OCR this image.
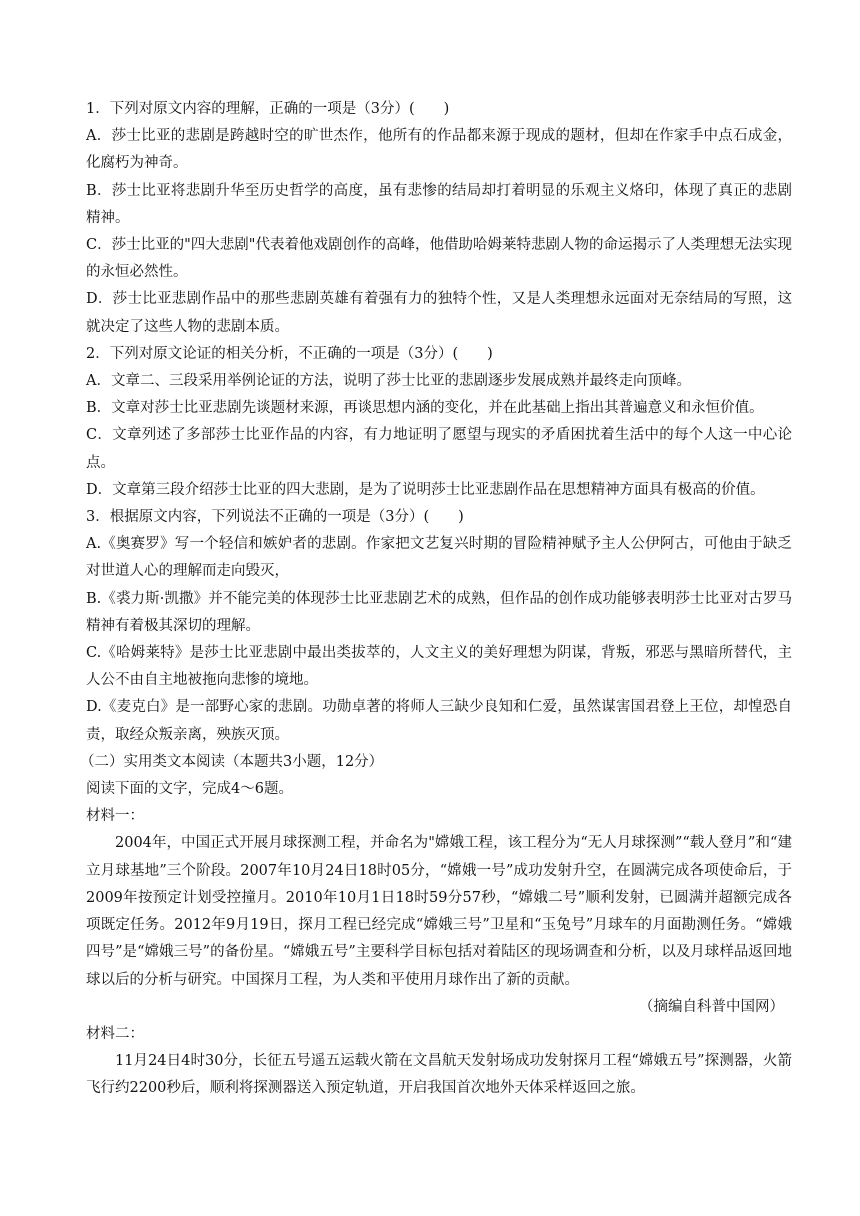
1．下列对原文内容的理解，正确的一项是（3分）(　　)

A．莎士比亚的悲剧是跨越时空的旷世杰作，他所有的作品都来源于现成的题材，但却在作家手中点石成金，化腐朽为神奇。

B．莎士比亚将悲剧升华至历史哲学的高度，虽有悲惨的结局却打着明显的乐观主义烙印，体现了真正的悲剧精神。

C．莎士比亚的"四大悲剧"代表着他戏剧创作的高峰，他借助哈姆莱特悲剧人物的命运揭示了人类理想无法实现的永恒必然性。

D．莎士比亚悲剧作品中的那些悲剧英雄有着强有力的独特个性，又是人类理想永远面对无奈结局的写照，这就决定了这些人物的悲剧本质。

2．下列对原文论证的相关分析，不正确的一项是（3分）(　　)

A．文章二、三段采用举例论证的方法，说明了莎士比亚的悲剧逐步发展成熟并最终走向顶峰。

B．文章对莎士比亚悲剧先谈题材来源，再谈思想内涵的变化，并在此基础上指出其普遍意义和永恒价值。

C．文章列述了多部莎士比亚作品的内容，有力地证明了愿望与现实的矛盾困扰着生活中的每个人这一中心论点。

D．文章第三段介绍莎士比亚的四大悲剧，是为了说明莎士比亚悲剧作品在思想精神方面具有极高的价值。

3．根据原文内容，下列说法不正确的一项是（3分）(　　)

A.《奥赛罗》写一个轻信和嫉妒者的悲剧。作家把文艺复兴时期的冒险精神赋予主人公伊阿古，可他由于缺乏对世道人心的理解而走向毁灭，

B.《裘力斯·凯撒》并不能完美的体现莎士比亚悲剧艺术的成熟，但作品的创作成功能够表明莎士比亚对古罗马精神有着极其深切的理解。

C.《哈姆莱特》是莎士比亚悲剧中最出类拔萃的，人文主义的美好理想为阴谋，背叛，邪恶与黑暗所替代，主人公不由自主地被拖向悲惨的境地。

D.《麦克白》是一部野心家的悲剧。功勋卓著的将师人三缺少良知和仁爱，虽然谋害国君登上王位，却惶恐自责，取经众叛亲离，殃族灭顶。

（二）实用类文本阅读（本题共3小题，12分）

阅读下面的文字，完成4～6题。

材料一：

2004年，中国正式开展月球探测工程，并命名为"嫦娥工程，该工程分为“无人月球探测”“载人登月”和“建立月球基地”三个阶段。2007年10月24日18时05分，“嫦娥一号”成功发射升空，在圆满完成各项使命后，于2009年按预定计划受控撞月。2010年10月1日18时59分57秒，“嫦娥二号”顺利发射，已圆满并超额完成各项既定任务。2012年9月19日，探月工程已经完成“嫦娥三号”卫星和“玉兔号”月球车的月面勘测任务。“嫦娥四号”是“嫦娥三号”的备份星。“嫦娥五号”主要科学目标包括对着陆区的现场调查和分析，以及月球样品返回地球以后的分析与研究。中国探月工程，为人类和平使用月球作出了新的贡献。

（摘编自科普中国网）

材料二：

11月24日4时30分，长征五号遥五运载火箭在文昌航天发射场成功发射探月工程“嫦娥五号”探测器，火箭飞行约2200秒后，顺利将探测器送入预定轨道，开启我国首次地外天体采样返回之旅。
